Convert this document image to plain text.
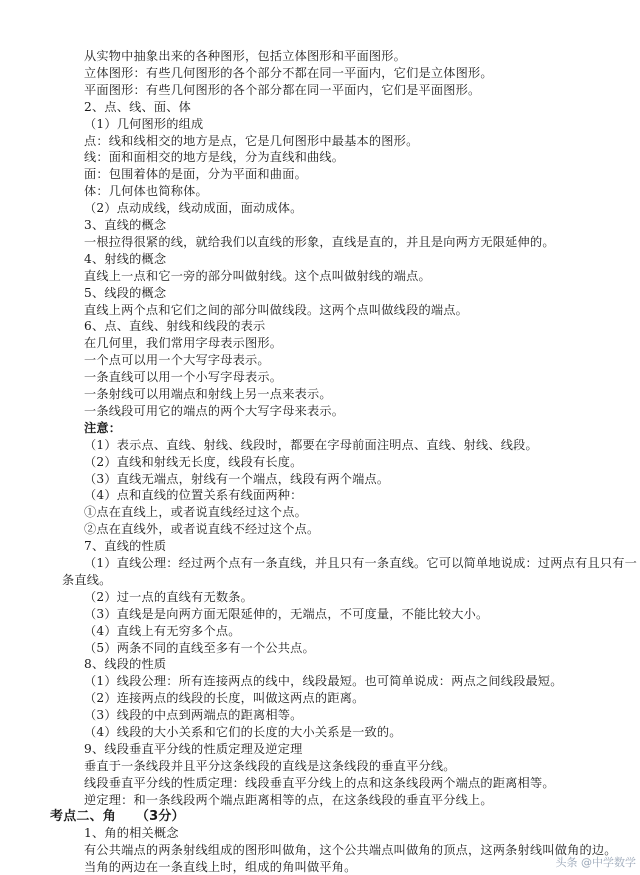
从实物中抽象出来的各种图形，包括立体图形和平面图形。
立体图形：有些几何图形的各个部分不都在同一平面内，它们是立体图形。
平面图形：有些几何图形的各个部分都在同一平面内，它们是平面图形。
2、点、线、面、体
（1）几何图形的组成
点：线和线相交的地方是点，它是几何图形中最基本的图形。
线：面和面相交的地方是线，分为直线和曲线。
面：包围着体的是面，分为平面和曲面。
体：几何体也简称体。
（2）点动成线，线动成面，面动成体。
3、直线的概念
一根拉得很紧的线，就给我们以直线的形象，直线是直的，并且是向两方无限延伸的。
4、射线的概念
直线上一点和它一旁的部分叫做射线。这个点叫做射线的端点。
5、线段的概念
直线上两个点和它们之间的部分叫做线段。这两个点叫做线段的端点。
6、点、直线、射线和线段的表示
在几何里，我们常用字母表示图形。
一个点可以用一个大写字母表示。
一条直线可以用一个小写字母表示。
一条射线可以用端点和射线上另一点来表示。
一条线段可用它的端点的两个大写字母来表示。
注意：
（1）表示点、直线、射线、线段时，都要在字母前面注明点、直线、射线、线段。
（2）直线和射线无长度，线段有长度。
（3）直线无端点，射线有一个端点，线段有两个端点。
（4）点和直线的位置关系有线面两种：
①点在直线上，或者说直线经过这个点。
②点在直线外，或者说直线不经过这个点。
7、直线的性质
（1）直线公理：经过两个点有一条直线，并且只有一条直线。它可以简单地说成：过两点有且只有一
条直线。
（2）过一点的直线有无数条。
（3）直线是是向两方面无限延伸的，无端点，不可度量，不能比较大小。
（4）直线上有无穷多个点。
（5）两条不同的直线至多有一个公共点。
8、线段的性质
（1）线段公理：所有连接两点的线中，线段最短。也可简单说成：两点之间线段最短。
（2）连接两点的线段的长度，叫做这两点的距离。
（3）线段的中点到两端点的距离相等。
（4）线段的大小关系和它们的长度的大小关系是一致的。
9、线段垂直平分线的性质定理及逆定理
垂直于一条线段并且平分这条线段的直线是这条线段的垂直平分线。
线段垂直平分线的性质定理：线段垂直平分线上的点和这条线段两个端点的距离相等。
逆定理：和一条线段两个端点距离相等的点，在这条线段的垂直平分线上。
考点二、角　　（3分）
1、角的相关概念
有公共端点的两条射线组成的图形叫做角，这个公共端点叫做角的顶点，这两条射线叫做角的边。
当角的两边在一条直线上时，组成的角叫做平角。	头条 @中学数学
